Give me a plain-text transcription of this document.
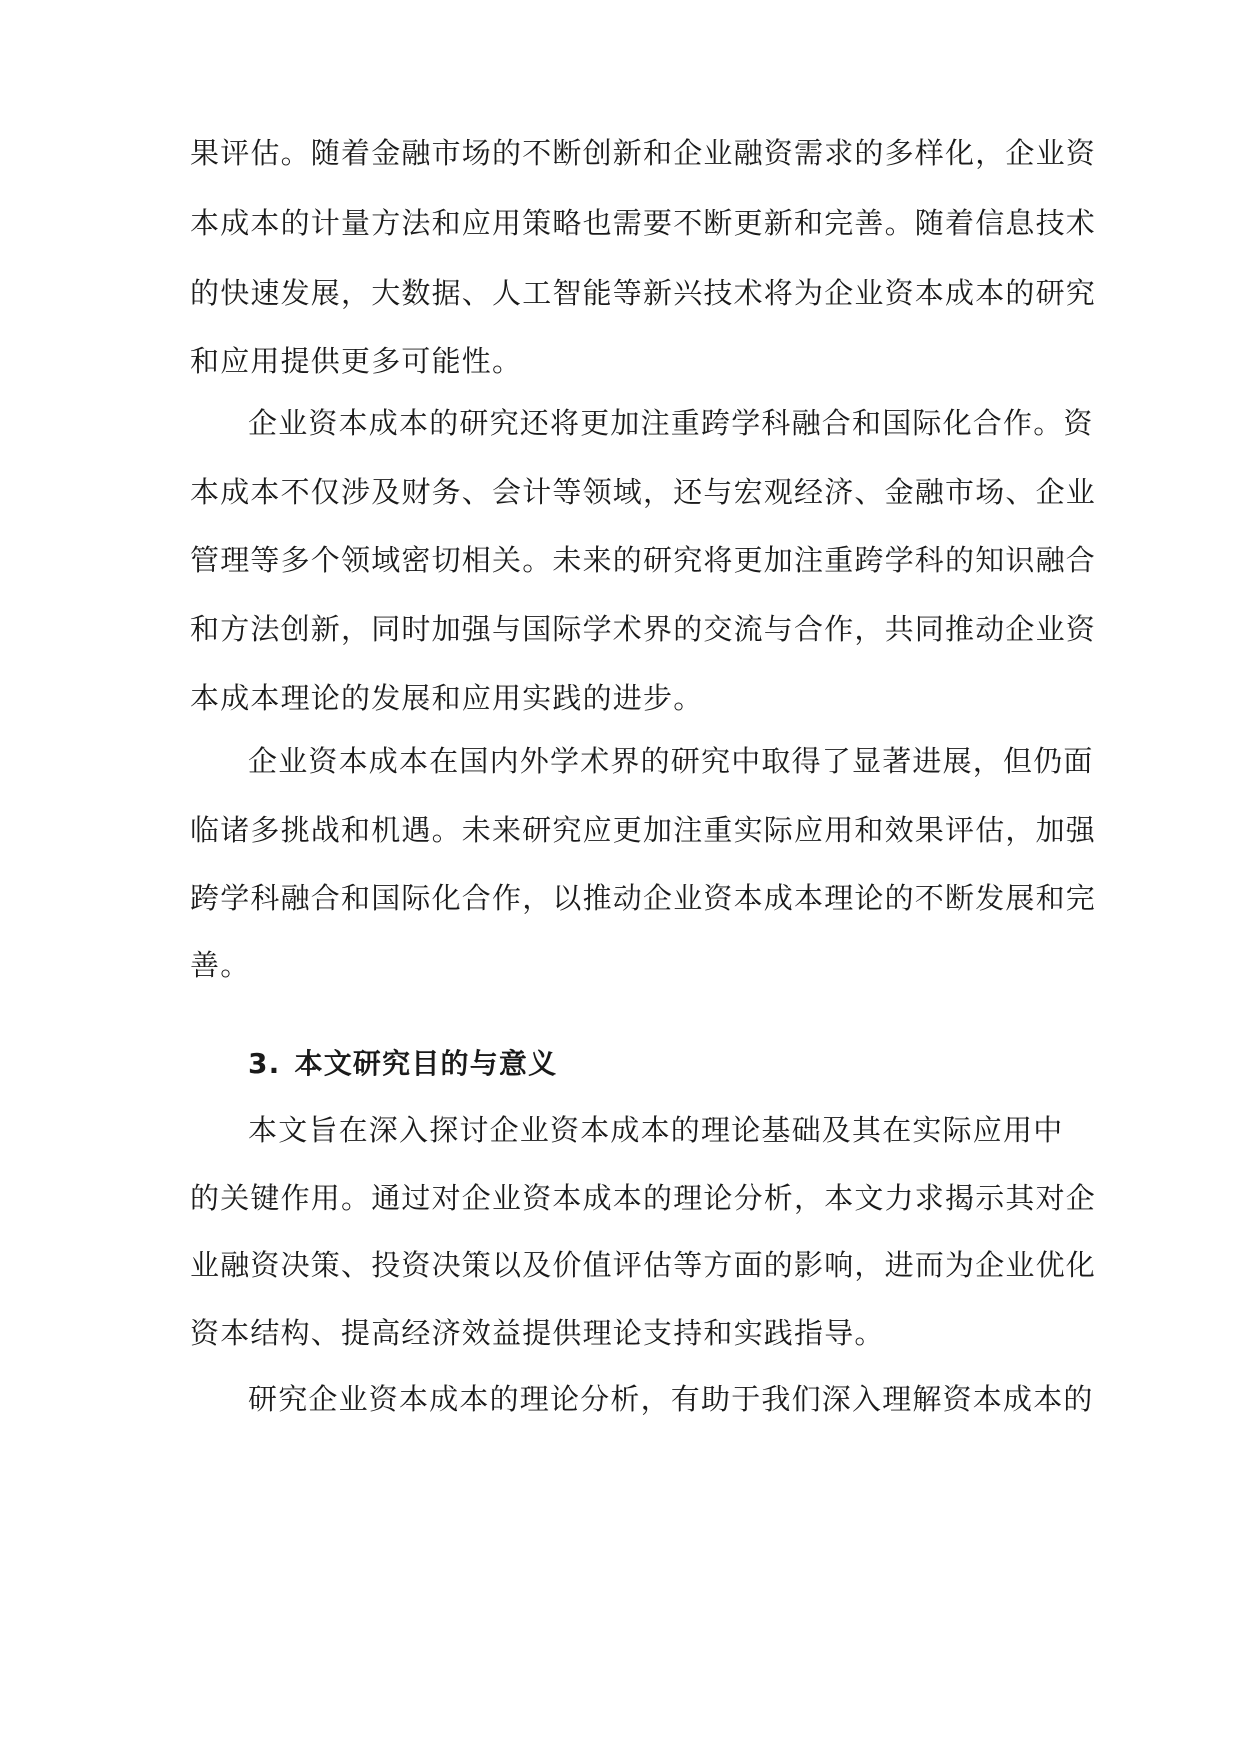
果评估。随着金融市场的不断创新和企业融资需求的多样化，企业资
本成本的计量方法和应用策略也需要不断更新和完善。随着信息技术
的快速发展，大数据、人工智能等新兴技术将为企业资本成本的研究
和应用提供更多可能性。
企业资本成本的研究还将更加注重跨学科融合和国际化合作。资
本成本不仅涉及财务、会计等领域，还与宏观经济、金融市场、企业
管理等多个领域密切相关。未来的研究将更加注重跨学科的知识融合
和方法创新，同时加强与国际学术界的交流与合作，共同推动企业资
本成本理论的发展和应用实践的进步。
企业资本成本在国内外学术界的研究中取得了显著进展，但仍面
临诸多挑战和机遇。未来研究应更加注重实际应用和效果评估，加强
跨学科融合和国际化合作，以推动企业资本成本理论的不断发展和完
善。
3. 本文研究目的与意义
本文旨在深入探讨企业资本成本的理论基础及其在实际应用中
的关键作用。通过对企业资本成本的理论分析，本文力求揭示其对企
业融资决策、投资决策以及价值评估等方面的影响，进而为企业优化
资本结构、提高经济效益提供理论支持和实践指导。
研究企业资本成本的理论分析，有助于我们深入理解资本成本的
